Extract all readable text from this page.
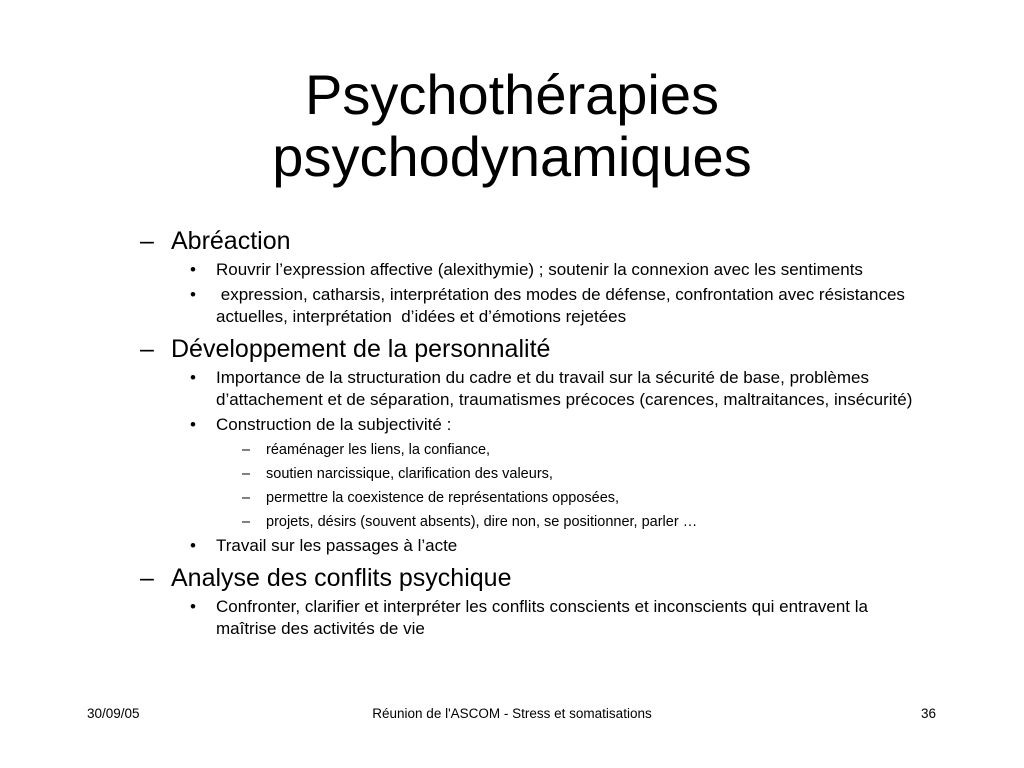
Psychothérapies
psychodynamiques
– Abréaction
• Rouvrir l’expression affective (alexithymie) ; soutenir la connexion avec les sentiments
•  expression, catharsis, interprétation des modes de défense, confrontation avec résistances actuelles, interprétation  d’idées et d’émotions rejetées
– Développement de la personnalité
• Importance de la structuration du cadre et du travail sur la sécurité de base, problèmes d’attachement et de séparation, traumatismes précoces (carences, maltraitances, insécurité)
• Construction de la subjectivité :
– réaménager les liens, la confiance,
– soutien narcissique, clarification des valeurs,
– permettre la coexistence de représentations opposées,
– projets, désirs (souvent absents), dire non, se positionner, parler …
• Travail sur les passages à l’acte
– Analyse des conflits psychique
• Confronter, clarifier et interpréter les conflits conscients et inconscients qui entravent la maîtrise des activités de vie
30/09/05	Réunion de l'ASCOM - Stress et somatisations	36
